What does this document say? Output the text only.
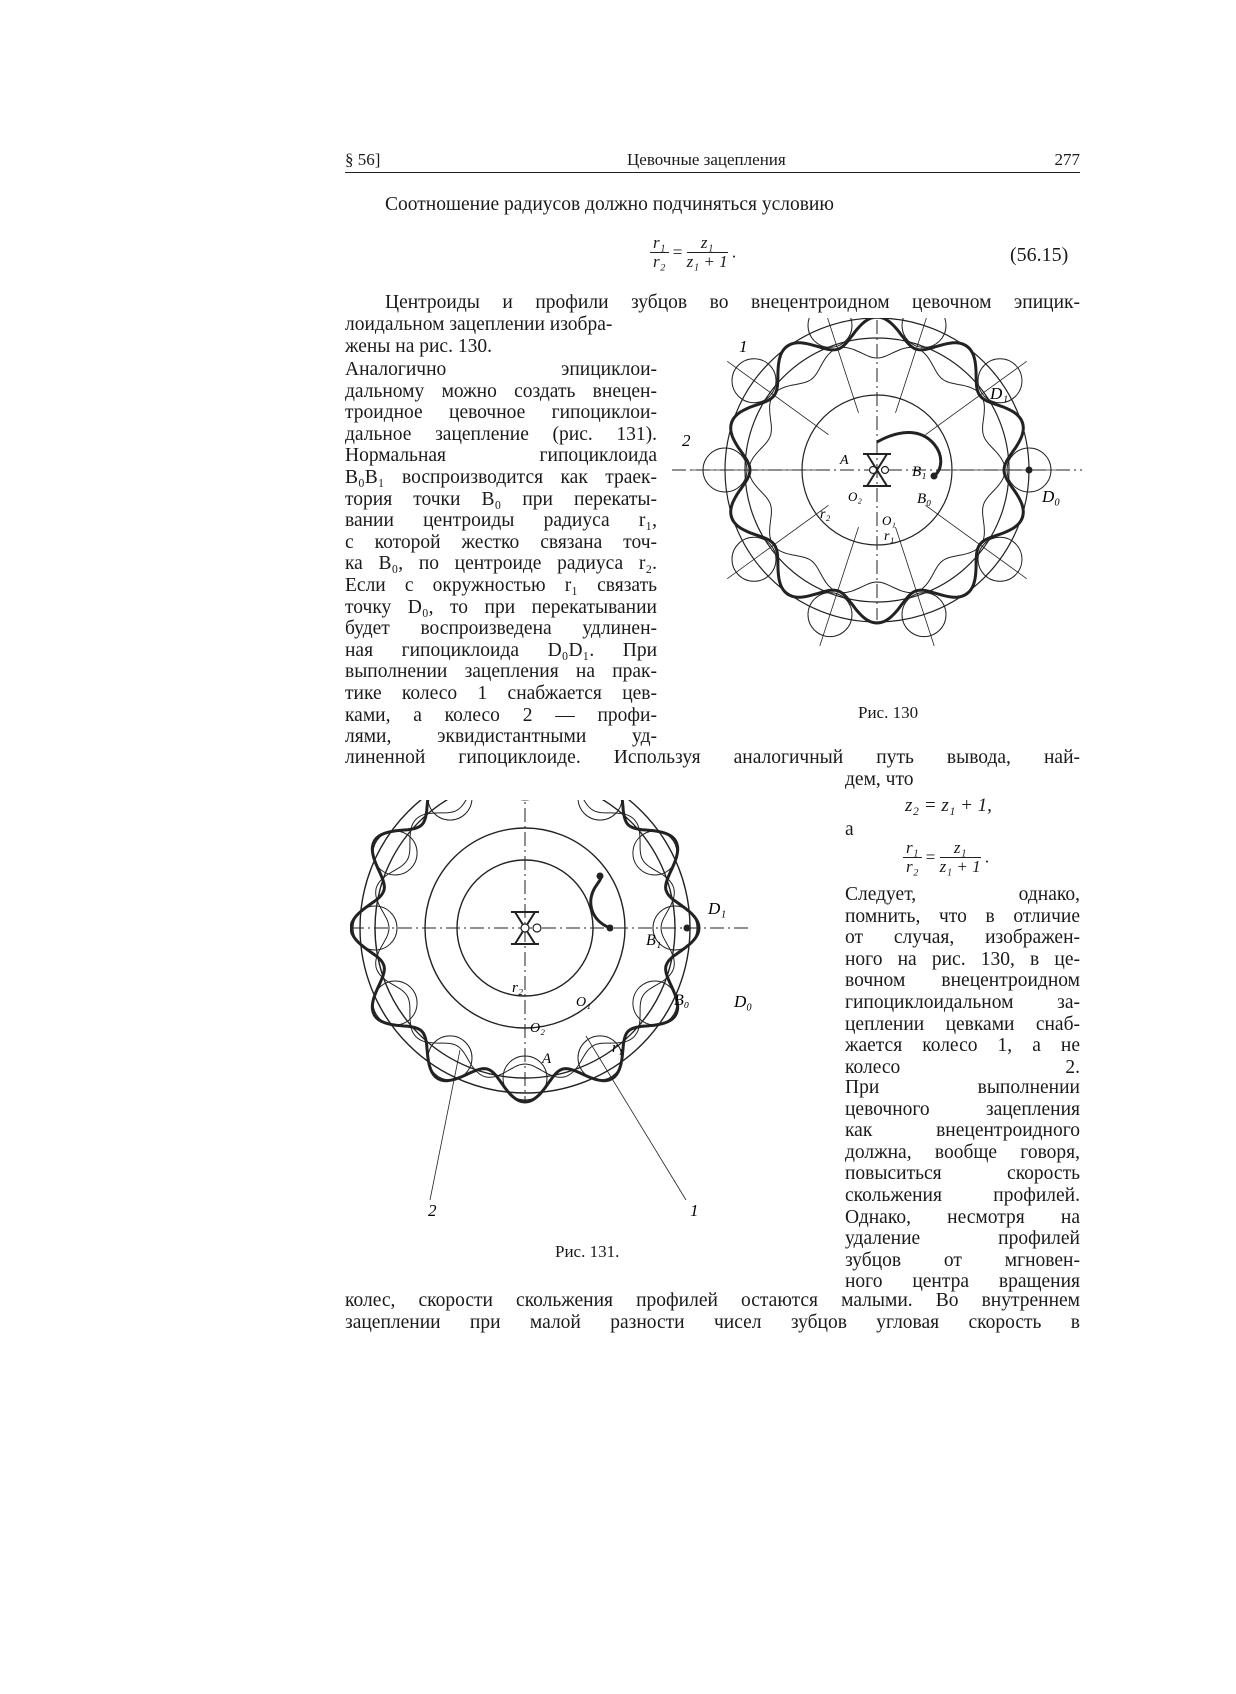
§ 56]	Цевочные зацепления	277
Соотношение радиусов должно подчиняться условию
$\frac{\text{r₁}}{\text{r₂}} = \frac{\text{z₁}}{\text{z₁ + 1}}$ .	(56.15)
Центроиды и профили зубцов во внецентроидном цевочном эпицик-
лоидальном зацеплении изобра-
жены на рис. 130.
Аналогично эпициклои-
дальному можно создать внецен-
троидное цевочное гипоциклои-
дальное зацепление (рис. 131).
Нормальная гипоциклоида
B₀B₁ воспроизводится как траек-
тория точки B₀ при перекаты-
вании центроиды радиуса r₁,
с которой жестко связана точ-
ка B₀, по центроиде радиуса r₂.
Если с окружностью r₁ связать
точку D₀, то при перекатывании
будет воспроизведена удлинен-
ная гипоциклоида D₀D₁. При
выполнении зацепления на прак-
тике колесо 1 снабжается цев-
ками, а колесо 2 — профи-
лями, эквидистантными уд-
линенной гипоциклоиде. Используя аналогичный путь вывода, най-
дем, что
z₂ = z₁ + 1,
а
$\frac{\text{r₁}}{\text{r₂}} = \frac{\text{z₁}}{\text{z₁ + 1}}$ .
Следует, однако,
помнить, что в отличие
от случая, изображен-
ного на рис. 130, в це-
вочном внецентроидном
гипоциклоидальном за-
цеплении цевками снаб-
жается колесо 1, а не
колесо 2.
При выполнении
цевочного зацепления
как внецентроидного
должна, вообще говоря,
повыситься скорость
скольжения профилей.
Однако, несмотря на
удаление профилей
зубцов от мгновен-
ного центра вращения
колес, скорости скольжения профилей остаются малыми. Во внутреннем
зацеплении при малой разности чисел зубцов угловая скорость в
1
2
D₁
D₀
A
B₁
B₀
O₁
O₂
r₁
r₂
Рис. 130
1
2
D₁
D₀
A
B₁
B₀
O₁
O₂
r₁
r₂
Рис. 131.
